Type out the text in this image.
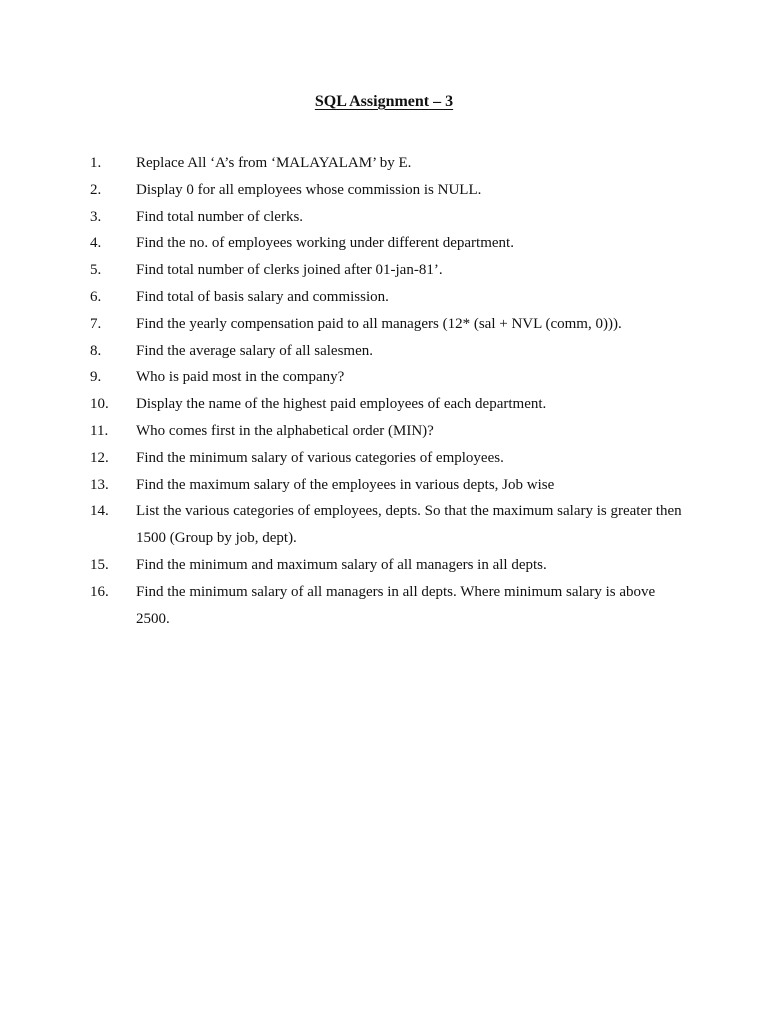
SQL Assignment – 3
1. Replace All ‘A’s from ‘MALAYALAM’ by E.
2. Display 0 for all employees whose commission is NULL.
3. Find total number of clerks.
4. Find the no. of employees working under different department.
5. Find total number of clerks joined after 01-jan-81’.
6. Find total of basis salary and commission.
7. Find the yearly compensation paid to all managers (12* (sal + NVL (comm, 0))).
8. Find the average salary of all salesmen.
9. Who is paid most in the company?
10. Display the name of the highest paid employees of each department.
11. Who comes first in the alphabetical order (MIN)?
12. Find the minimum salary of various categories of employees.
13. Find the maximum salary of the employees in various depts, Job wise
14. List the various categories of employees, depts. So that the maximum salary is greater then 1500 (Group by job, dept).
15. Find the minimum and maximum salary of all managers in all depts.
16. Find the minimum salary of all managers in all depts. Where minimum salary is above 2500.
